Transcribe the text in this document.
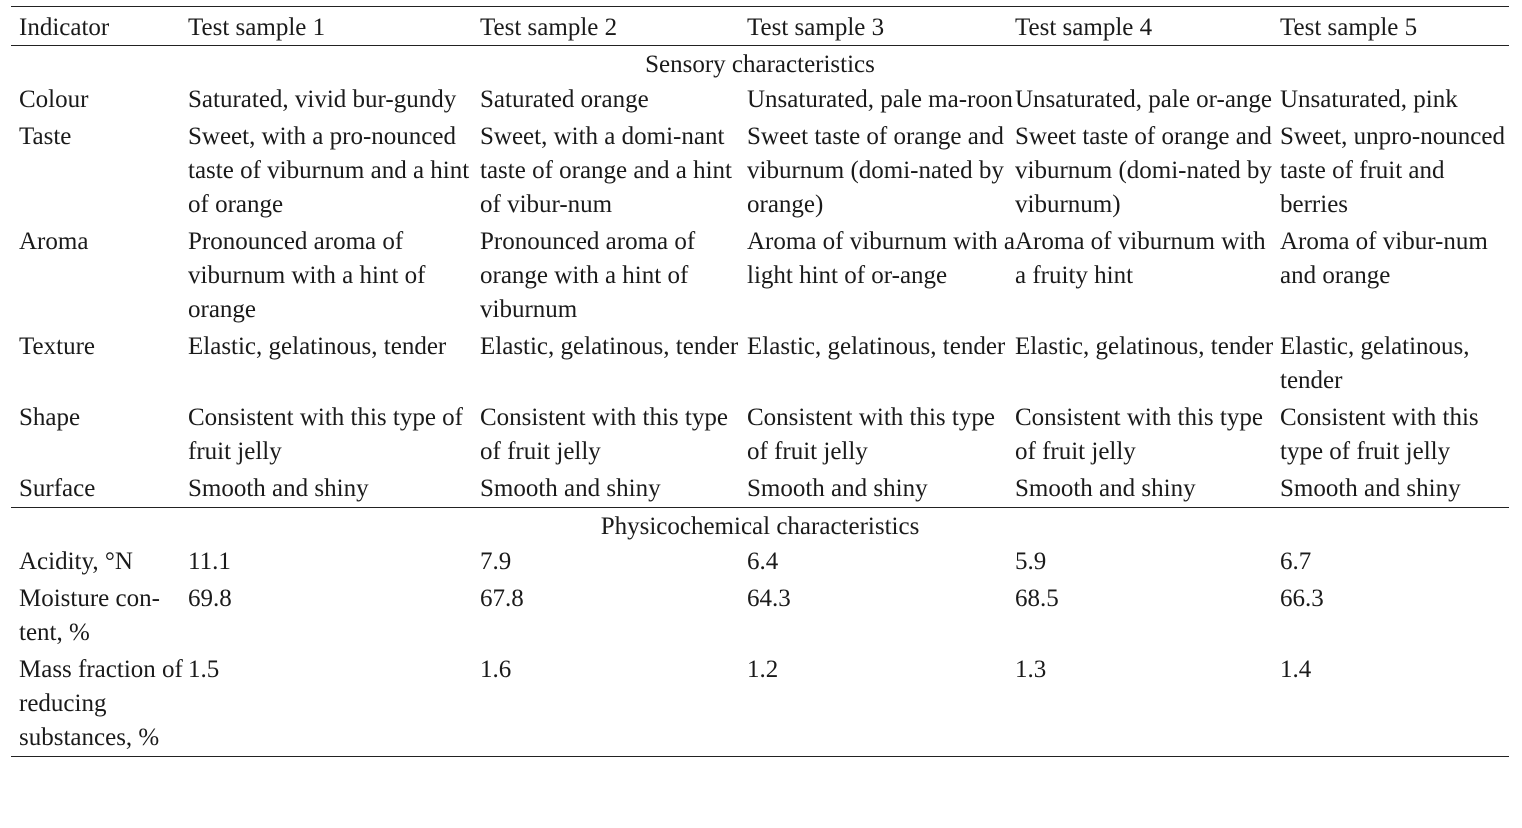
Indicator	Test sample 1	Test sample 2	Test sample 3	Test sample 4	Test sample 5
Sensory characteristics					
Colour	Saturated, vivid bur-gundy	Saturated orange	Unsaturated, pale ma-roon	Unsaturated, pale or-ange	Unsaturated, pink
Taste	Sweet, with a pro-nounced taste of viburnum and a hint of orange	Sweet, with a domi-nant taste of orange and a hint of vibur-num	Sweet taste of orange and viburnum (domi-nated by orange)	Sweet taste of orange and viburnum (domi-nated by viburnum)	Sweet, unpro-nounced taste of fruit and berries
Aroma	Pronounced aroma of viburnum with a hint of orange	Pronounced aroma of orange with a hint of viburnum	Aroma of viburnum with a light hint of or-ange	Aroma of viburnum with a fruity hint	Aroma of vibur-num and orange
Texture	Elastic, gelatinous, tender	Elastic, gelatinous, tender	Elastic, gelatinous, tender	Elastic, gelatinous, tender	Elastic, gelatinous, tender
Shape	Consistent with this type of fruit jelly	Consistent with this type of fruit jelly	Consistent with this type of fruit jelly	Consistent with this type of fruit jelly	Consistent with this type of fruit jelly
Surface	Smooth and shiny	Smooth and shiny	Smooth and shiny	Smooth and shiny	Smooth and shiny
Physicochemical characteristics					
Acidity, °N	11.1	7.9	6.4	5.9	6.7
Moisture con-tent, %	69.8	67.8	64.3	68.5	66.3
Mass fraction of reducing substances, %	1.5	1.6	1.2	1.3	1.4
